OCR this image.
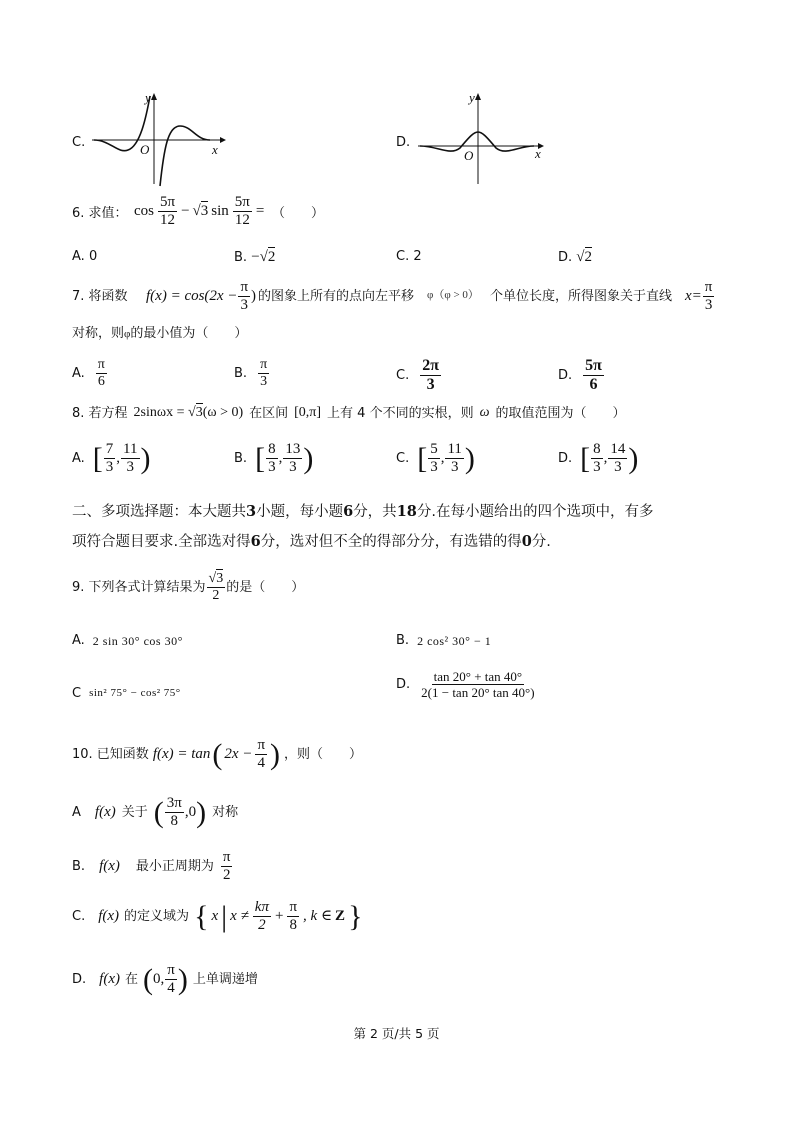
C.	x
y
O	D.
x
y
O
6. 求值： $\cos \frac{5\pi}{12} - √3$ $\sin \frac{5\pi}{12}$ = （　　）
A. 0	B. −√2	C. 2	D. √2
7. 将函数 $f(x) = \cos(2x - \frac{\pi}{3}$ ) 的图象上所有的点向左平移 φ（φ > 0） 个单位长度，所得图象关于直线 $x= \frac{\pi}{3}$
对称，则φ的最小值为（　　）
A. $\frac{\pi}{6}$	B. $\frac{\pi}{3}$	C. $\frac{2\pi}{3}$	D. $\frac{5\pi}{6}$
8. 若方程 2sinωx = √3(ω > 0) 在区间 [0,π] 上有 4 个不同的实根，则 ω 的取值范围为（　　）
A. [ $\frac{7}{3}$ , $\frac{11}{3}$ )	B. [ $\frac{8}{3}$ , $\frac{13}{3}$ )	C. [ $\frac{5}{3}$ , $\frac{11}{3}$ )	D. [ $\frac{8}{3}$ , $\frac{14}{3}$ )
二、多项选择题：本大题共3小题，每小题6分，共18分.在每小题给出的四个选项中，有多
项符合题目要求.全部选对得6分，选对但不全的得部分分，有选错的得0分.
9. 下列各式计算结果为 $\frac{√3}{2}$ 的是（　　）
A. 2 sin 30° cos 30°	B. 2 cos² 30° − 1
C sin² 75° − cos² 75°
D. $\frac{\tan 20^\circ + \tan 40^\circ}{2(1 - \tan 20^\circ \tan 40^\circ)}$
10. 已知函数 f(x) = tan ( $2x - \frac{\pi}{4}$ ) ，则（　　）
A f(x) 关于 ( $\frac{3\pi}{8} ,0$ ) 对称
B. f(x) 最小正周期为 $\frac{\pi}{2}$
C. f(x) 的定义域为 { x | $x \ne \frac{k\pi}{2} + \frac{\pi}{8}$ , k ∈ Z }
D. f(x) 在 ( 0, $\frac{\pi}{4}$ ) 上单调递增
第 2 页/共 5 页
